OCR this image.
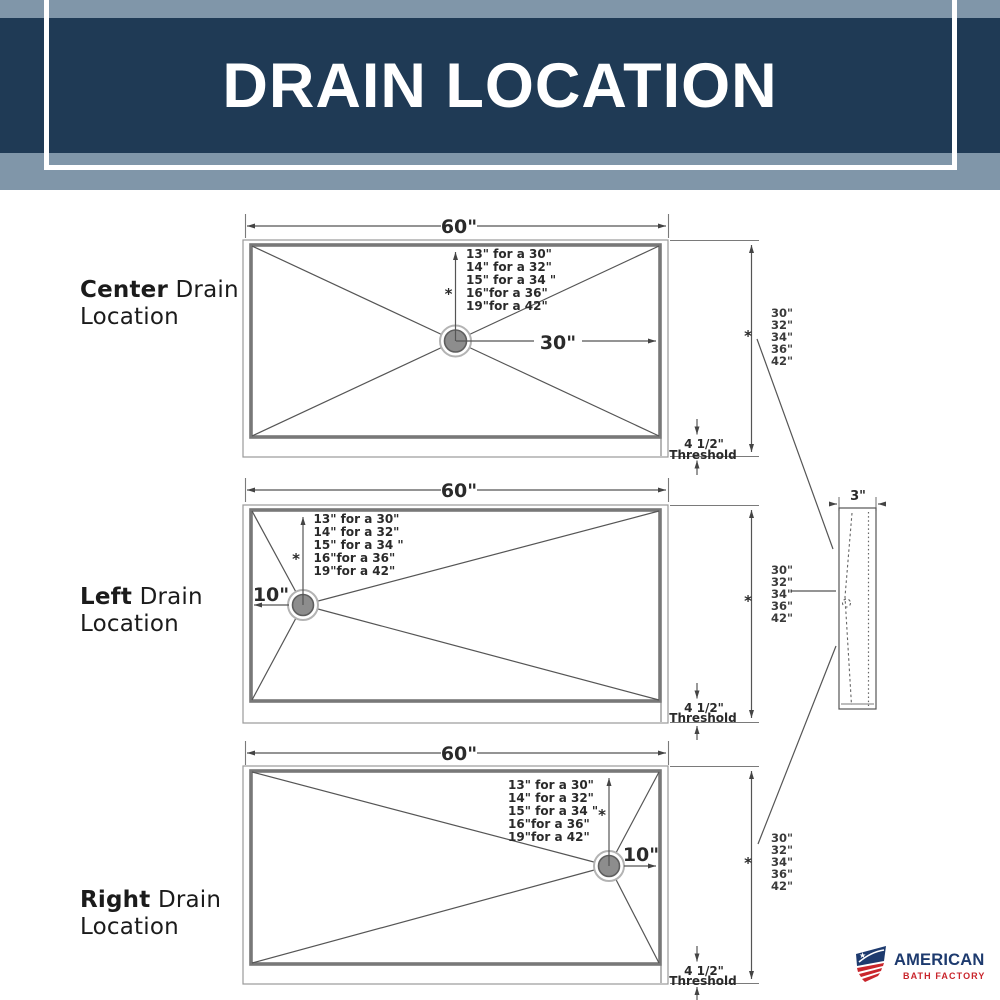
DRAIN LOCATION
Center Drain
Location
Left Drain
Location
Right Drain
Location
60"
*
13" for a 30"
14" for a 32"
15" for a 34 "
16"for a 36"
19"for a 42"
30"	*
30"
32"
34"
36"
42"
4 1/2"
Threshold
60"
*
13" for a 30"
14" for a 32"
15" for a 34 "
16"for a 36"
19"for a 42"
10"	*
30"
32"
34"
36"
42"
4 1/2"
Threshold
60"
*
13" for a 30"
14" for a 32"
15" for a 34 "
16"for a 36"
19"for a 42"
10"	*
30"
32"
34"
36"
42"
4 1/2"
Threshold
3"
★ AMERICAN
BATH FACTORY
